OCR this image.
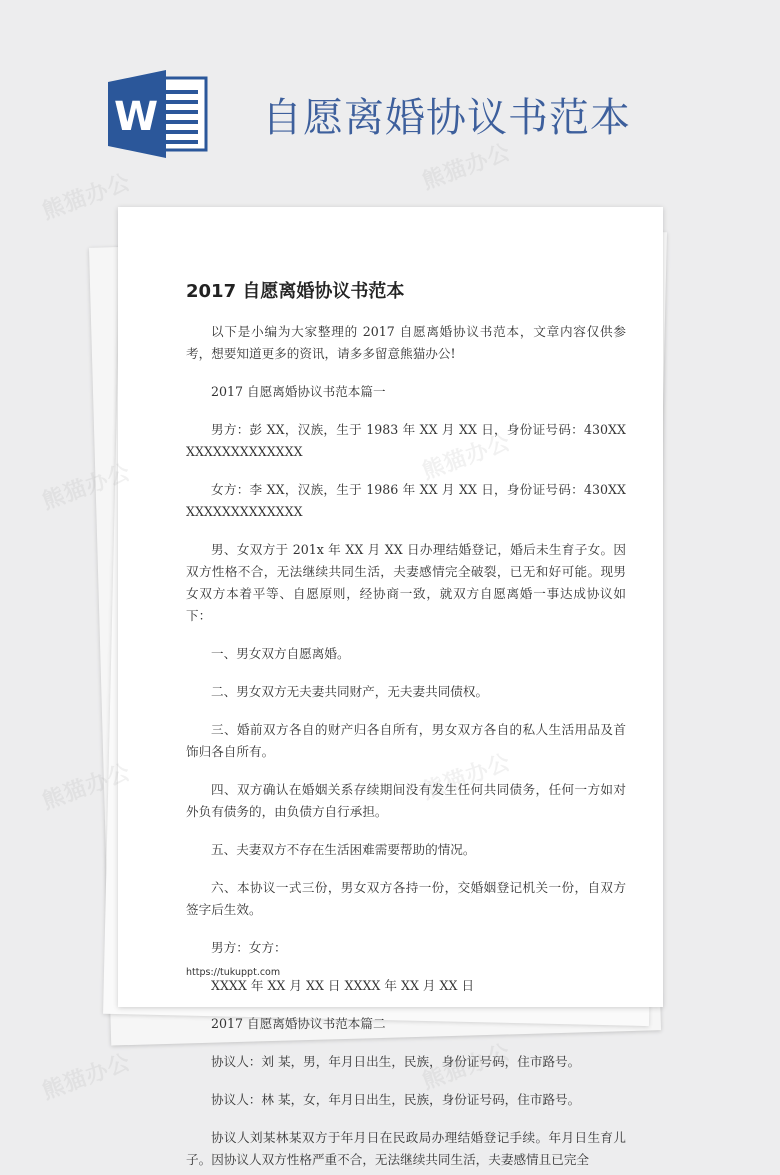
W	自愿离婚协议书范本
2017 自愿离婚协议书范本

以下是小编为大家整理的 2017 自愿离婚协议书范本，文章内容仅供参考，想要知道更多的资讯，请多多留意熊猫办公!

2017 自愿离婚协议书范本篇一

男方：彭 XX，汉族，生于 1983 年 XX 月 XX 日，身份证号码：430XXXXXXXXXXXXXXX

女方：李 XX，汉族，生于 1986 年 XX 月 XX 日，身份证号码：430XXXXXXXXXXXXXXX

男、女双方于 201x 年 XX 月 XX 日办理结婚登记，婚后未生育子女。因双方性格不合，无法继续共同生活，夫妻感情完全破裂，已无和好可能。现男女双方本着平等、自愿原则，经协商一致，就双方自愿离婚一事达成协议如下：

一、男女双方自愿离婚。

二、男女双方无夫妻共同财产，无夫妻共同债权。

三、婚前双方各自的财产归各自所有，男女双方各自的私人生活用品及首饰归各自所有。

四、双方确认在婚姻关系存续期间没有发生任何共同债务，任何一方如对外负有债务的，由负债方自行承担。

五、夫妻双方不存在生活困难需要帮助的情况。

六、本协议一式三份，男女双方各持一份，交婚姻登记机关一份，自双方签字后生效。

男方：女方：

XXXX 年 XX 月 XX 日 XXXX 年 XX 月 XX 日

2017 自愿离婚协议书范本篇二

协议人：刘 某，男，年月日出生，民族，身份证号码，住市路号。

协议人：林 某，女，年月日出生，民族，身份证号码，住市路号。

协议人刘某林某双方于年月日在民政局办理结婚登记手续。年月日生育儿子。因协议人双方性格严重不合，无法继续共同生活，夫妻感情且已完全

https://tukuppt.com
熊猫办公
熊猫办公
熊猫办公
熊猫办公
熊猫办公	熊猫办公
